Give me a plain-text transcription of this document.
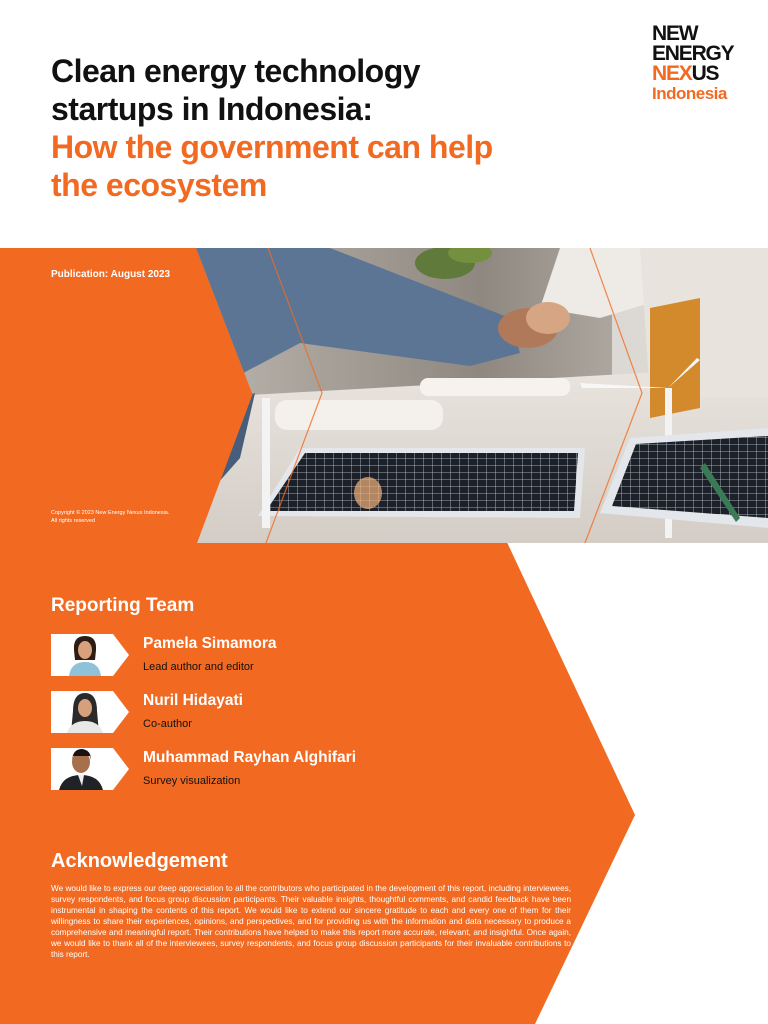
Clean energy technology
startups in Indonesia:
How the government can help
the ecosystem
NEW
ENERGY
NEXUS
Indonesia
Publication: August 2023
Copyright © 2023 New Energy Nexus Indonesia.
All rights reserved
Reporting Team
Pamela Simamora
Lead author and editor
Nuril Hidayati
Co-author
Muhammad Rayhan Alghifari
Survey visualization
Acknowledgement
We would like to express our deep appreciation to all the contributors who participated in the development of this report, including interviewees, survey respondents, and focus group discussion participants. Their valuable insights, thoughtful comments, and candid feedback have been instrumental in shaping the contents of this report. We would like to extend our sincere gratitude to each and every one of them for their willingness to share their experiences, opinions, and perspectives, and for providing us with the information and data necessary to produce a comprehensive and meaningful report. Their contributions have helped to make this report more accurate, relevant, and insightful. Once again, we would like to thank all of the interviewees, survey respondents, and focus group discussion participants for their invaluable contributions to this report.
